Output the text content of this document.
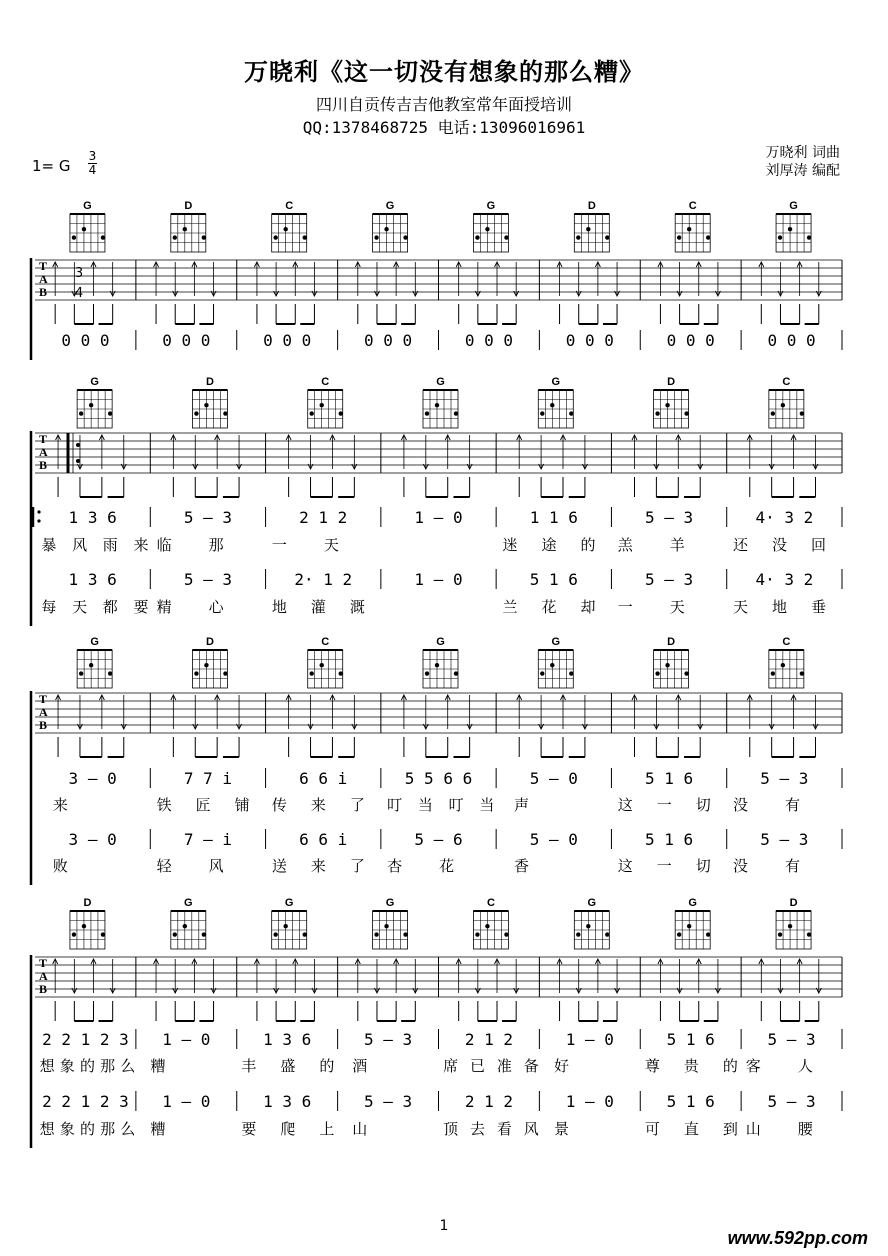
万晓利《这一切没有想象的那么糟》
四川自贡传吉吉他教室常年面授培训
QQ:1378468725 电话:13096016961
1= G
3
4
万晓利 词曲
刘厚涛 编配
T
A
B
3
4
G
0 0 0
D
0 0 0
C
0 0 0
G
0 0 0
G
0 0 0
D
0 0 0
C
0 0 0
G
0 0 0
T
A
B
G
1 3 6
1 3 6
暴 风 雨 来
每 天 都 要
D
5 — 3
5 — 3
临 那
精 心
C
2 1 2
2· 1 2
一 天
地 灌 溉
G
1 — 0
1 — 0
G
1 1 6
5 1 6
迷 途 的
兰 花 却
D
5 — 3
5 — 3
羔 羊
一 天
C
4· 3 2
4· 3 2
还 没 回
天 地 垂
T
A
B
G
3 — 0
3 — 0
来
败
D
7 7 i
7 — i
铁 匠 铺
轻 风
C
6 6 i
6 6 i
传 来 了
送 来 了
G
5 5 6 6
5 — 6
叮 当 叮 当
杏 花
G
5 — 0
5 — 0
声
香
D
5 1 6
5 1 6
这 一 切
这 一 切
C
5 — 3
5 — 3
没 有
没 有
T
A
B
D
2 2 1 2 3
2 2 1 2 3
想 象 的 那 么
想 象 的 那 么
G
1 — 0
1 — 0
糟
糟
G
1 3 6
1 3 6
丰 盛 的
要 爬 上
G
5 — 3
5 — 3
酒
山
C
2 1 2
2 1 2
席 已 准 备
顶 去 看 风
G
1 — 0
1 — 0
好
景
G
5 1 6
5 1 6
尊 贵 的
可 直 到
D
5 — 3
5 — 3
客 人
山 腰
1
www.592pp.com
